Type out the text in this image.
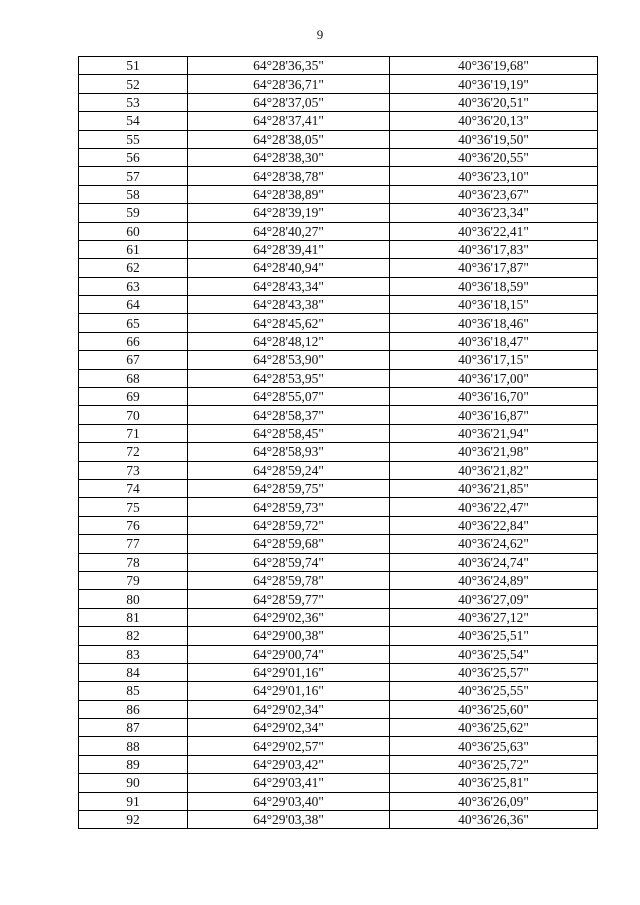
9
51	64°28'36,35"	40°36'19,68"
52	64°28'36,71"	40°36'19,19"
53	64°28'37,05"	40°36'20,51"
54	64°28'37,41"	40°36'20,13"
55	64°28'38,05"	40°36'19,50"
56	64°28'38,30"	40°36'20,55"
57	64°28'38,78"	40°36'23,10"
58	64°28'38,89"	40°36'23,67"
59	64°28'39,19"	40°36'23,34"
60	64°28'40,27"	40°36'22,41"
61	64°28'39,41"	40°36'17,83"
62	64°28'40,94"	40°36'17,87"
63	64°28'43,34"	40°36'18,59"
64	64°28'43,38"	40°36'18,15"
65	64°28'45,62"	40°36'18,46"
66	64°28'48,12"	40°36'18,47"
67	64°28'53,90"	40°36'17,15"
68	64°28'53,95"	40°36'17,00"
69	64°28'55,07"	40°36'16,70"
70	64°28'58,37"	40°36'16,87"
71	64°28'58,45"	40°36'21,94"
72	64°28'58,93"	40°36'21,98"
73	64°28'59,24"	40°36'21,82"
74	64°28'59,75"	40°36'21,85"
75	64°28'59,73"	40°36'22,47"
76	64°28'59,72"	40°36'22,84"
77	64°28'59,68"	40°36'24,62"
78	64°28'59,74"	40°36'24,74"
79	64°28'59,78"	40°36'24,89"
80	64°28'59,77"	40°36'27,09"
81	64°29'02,36"	40°36'27,12"
82	64°29'00,38"	40°36'25,51"
83	64°29'00,74"	40°36'25,54"
84	64°29'01,16"	40°36'25,57"
85	64°29'01,16"	40°36'25,55"
86	64°29'02,34"	40°36'25,60"
87	64°29'02,34"	40°36'25,62"
88	64°29'02,57"	40°36'25,63"
89	64°29'03,42"	40°36'25,72"
90	64°29'03,41"	40°36'25,81"
91	64°29'03,40"	40°36'26,09"
92	64°29'03,38"	40°36'26,36"
